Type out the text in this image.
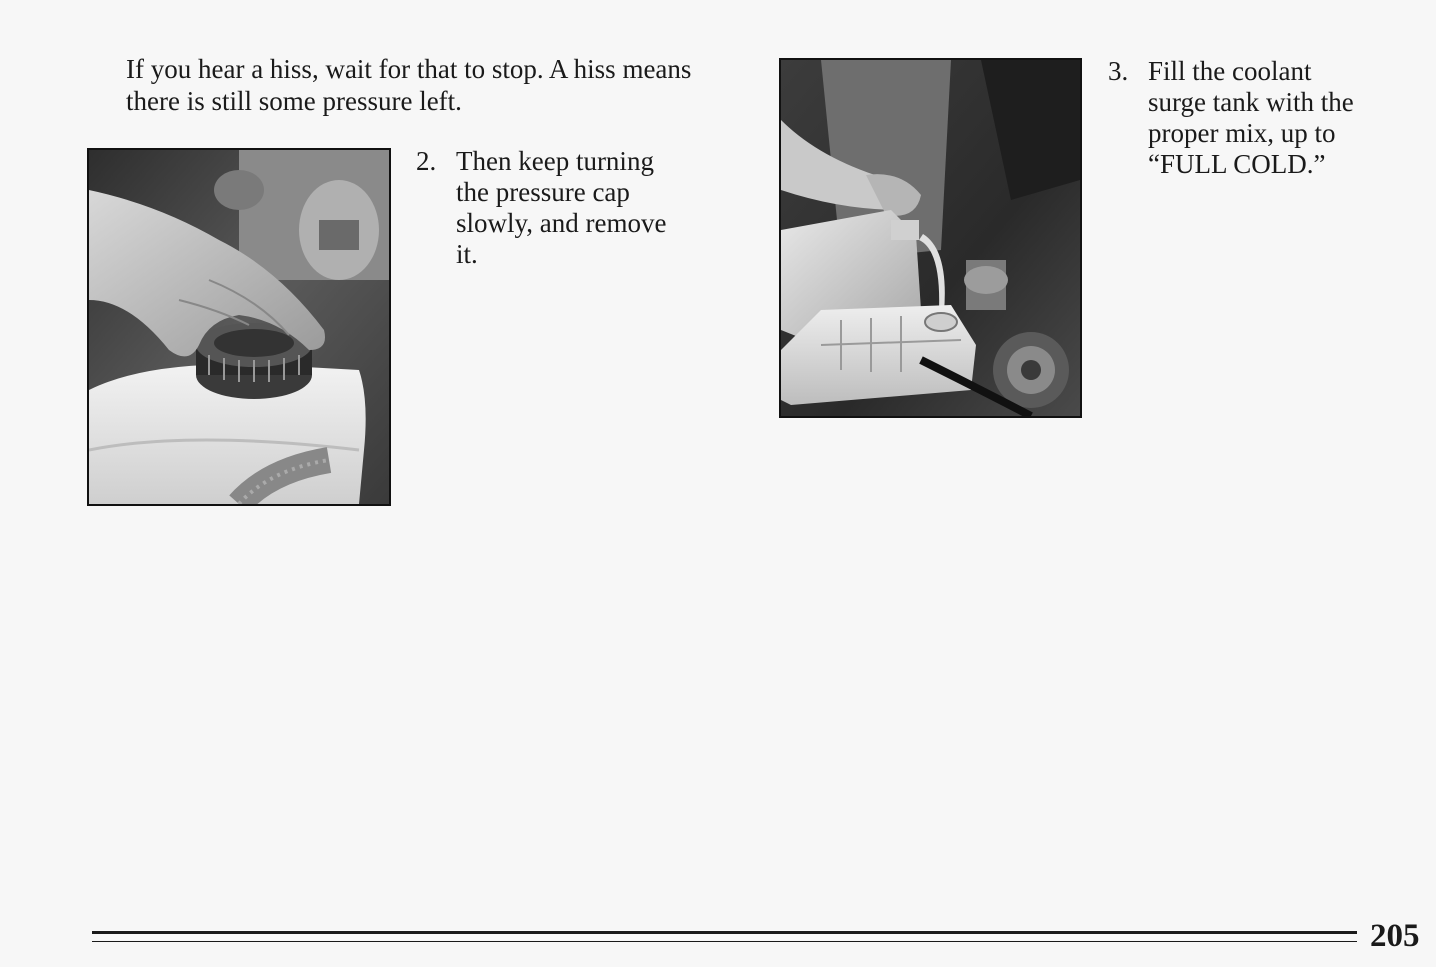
If you hear a hiss, wait for that to stop. A hiss means there is still some pressure left.

2. Then keep turning
the pressure cap
slowly, and remove
it.
3. Fill the coolant
surge tank with the
proper mix, up to
“FULL COLD.”
205
